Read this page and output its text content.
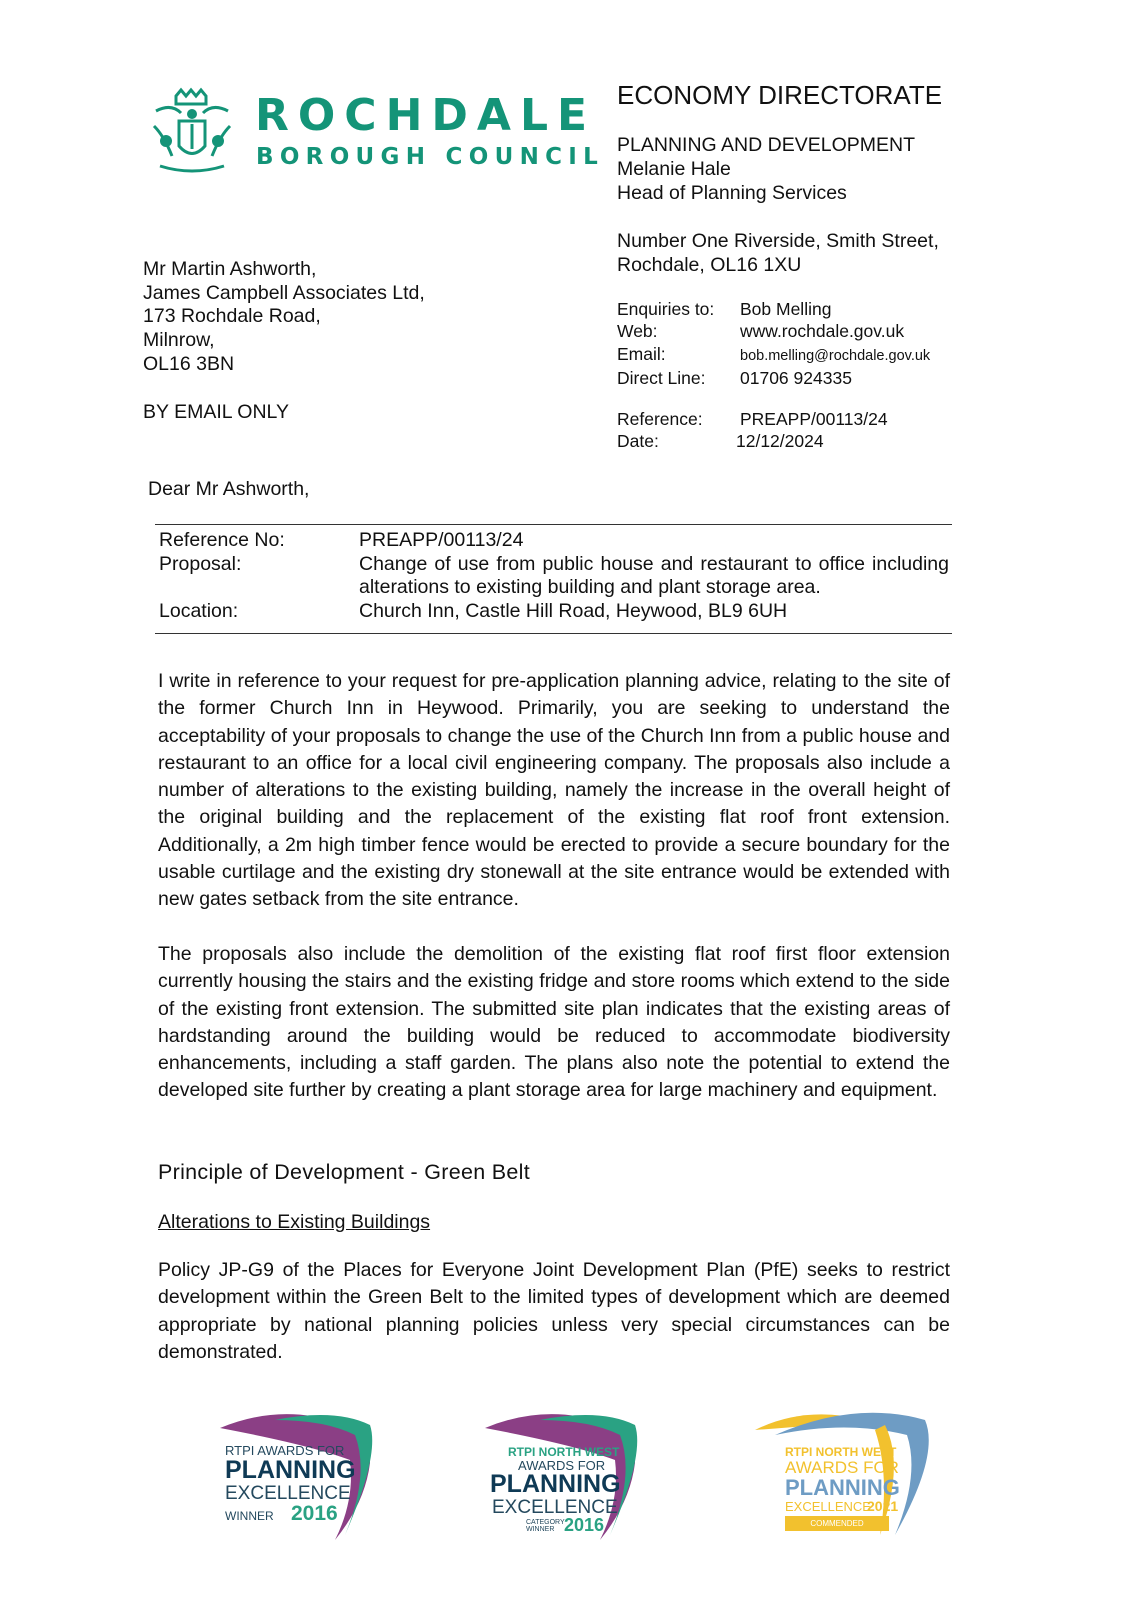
ROCHDALE
BOROUGH COUNCIL
ECONOMY DIRECTORATE
PLANNING AND DEVELOPMENT
Melanie Hale
Head of Planning Services
Number One Riverside, Smith Street,
Rochdale, OL16 1XU
Enquiries to: Bob Melling
Web:	www.rochdale.gov.uk
Email:	bob.melling@rochdale.gov.uk
Direct Line: 01706 924335
Reference: PREAPP/00113/24
Date:	12/12/2024
Mr Martin Ashworth,
James Campbell Associates Ltd,
173 Rochdale Road,
Milnrow,
OL16 3BN
BY EMAIL ONLY
Dear Mr Ashworth,
Reference No:	PREAPP/00113/24
Proposal:	Change of use from public house and restaurant to office including alterations to existing building and plant storage area.
Location:	Church Inn, Castle Hill Road, Heywood, BL9 6UH
I write in reference to your request for pre-application planning advice, relating to the site of the former Church Inn in Heywood. Primarily, you are seeking to understand the acceptability of your proposals to change the use of the Church Inn from a public house and restaurant to an office for a local civil engineering company. The proposals also include a number of alterations to the existing building, namely the increase in the overall height of the original building and the replacement of the existing flat roof front extension. Additionally, a 2m high timber fence would be erected to provide a secure boundary for the usable curtilage and the existing dry stonewall at the site entrance would be extended with new gates setback from the site entrance.
The proposals also include the demolition of the existing flat roof first floor extension currently housing the stairs and the existing fridge and store rooms which extend to the side of the existing front extension. The submitted site plan indicates that the existing areas of hardstanding around the building would be reduced to accommodate biodiversity enhancements, including a staff garden. The plans also note the potential to extend the developed site further by creating a plant storage area for large machinery and equipment.
Principle of Development - Green Belt
Alterations to Existing Buildings
Policy JP-G9 of the Places for Everyone Joint Development Plan (PfE) seeks to restrict development within the Green Belt to the limited types of development which are deemed appropriate by national planning policies unless very special circumstances can be demonstrated.
RTPI AWARDS FOR
PLANNING
EXCELLENCE
WINNER 2016
RTPI NORTH WEST
AWARDS FOR
PLANNING
EXCELLENCE
CATEGORY WINNER 2016
RTPI NORTH WEST
AWARDS FOR
PLANNING
EXCELLENCE
2021
COMMENDED
